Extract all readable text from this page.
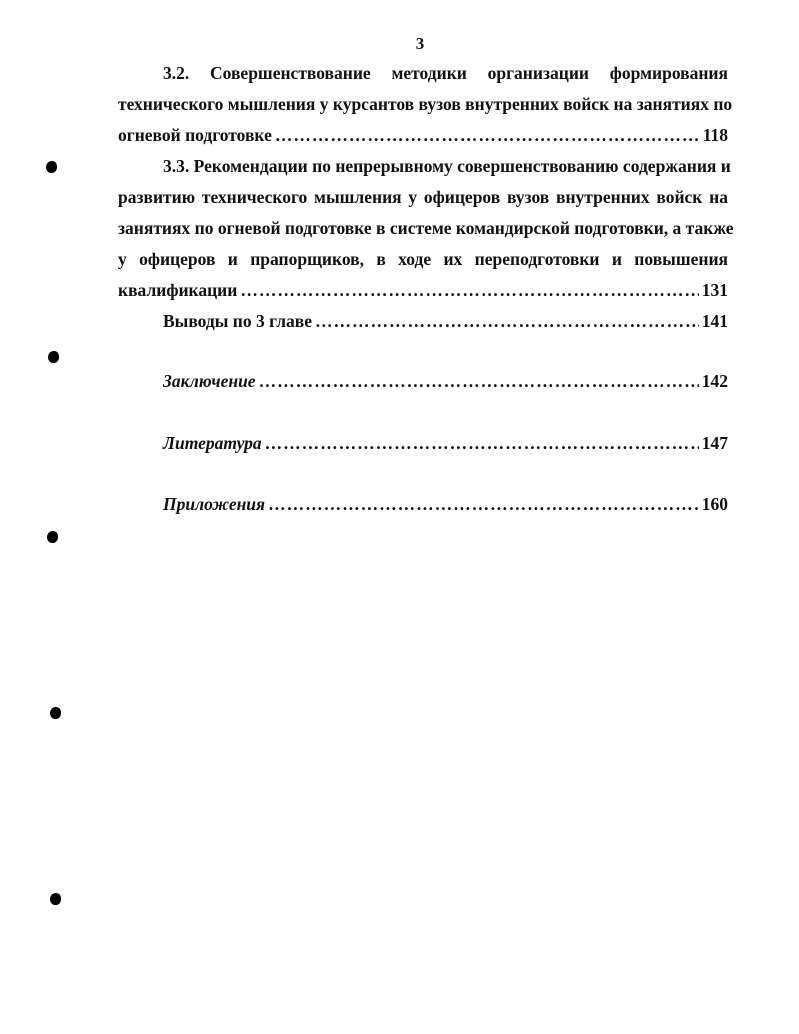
3
3.2. Совершенствование методики организации формирования
технического мышления у курсантов вузов внутренних войск на занятиях по
огневой подготовке ………………………………………………………………………………………………………………………………………………	118
3.3. Рекомендации по непрерывному совершенствованию содержания и
развитию технического мышления у офицеров вузов внутренних войск на
занятиях по огневой подготовке в системе командирской подготовки, а также
у офицеров и прапорщиков, в ходе их переподготовки и повышения
квалификации ………………………………………………………………………………………………………………………………………………	131
Выводы по 3 главе ………………………………………………………………………………………………………………………………………………	141
Заключение ………………………………………………………………………………………………………………………………………………	142
Литература ………………………………………………………………………………………………………………………………………………	147
Приложения ………………………………………………………………………………………………………………………………………………	160
